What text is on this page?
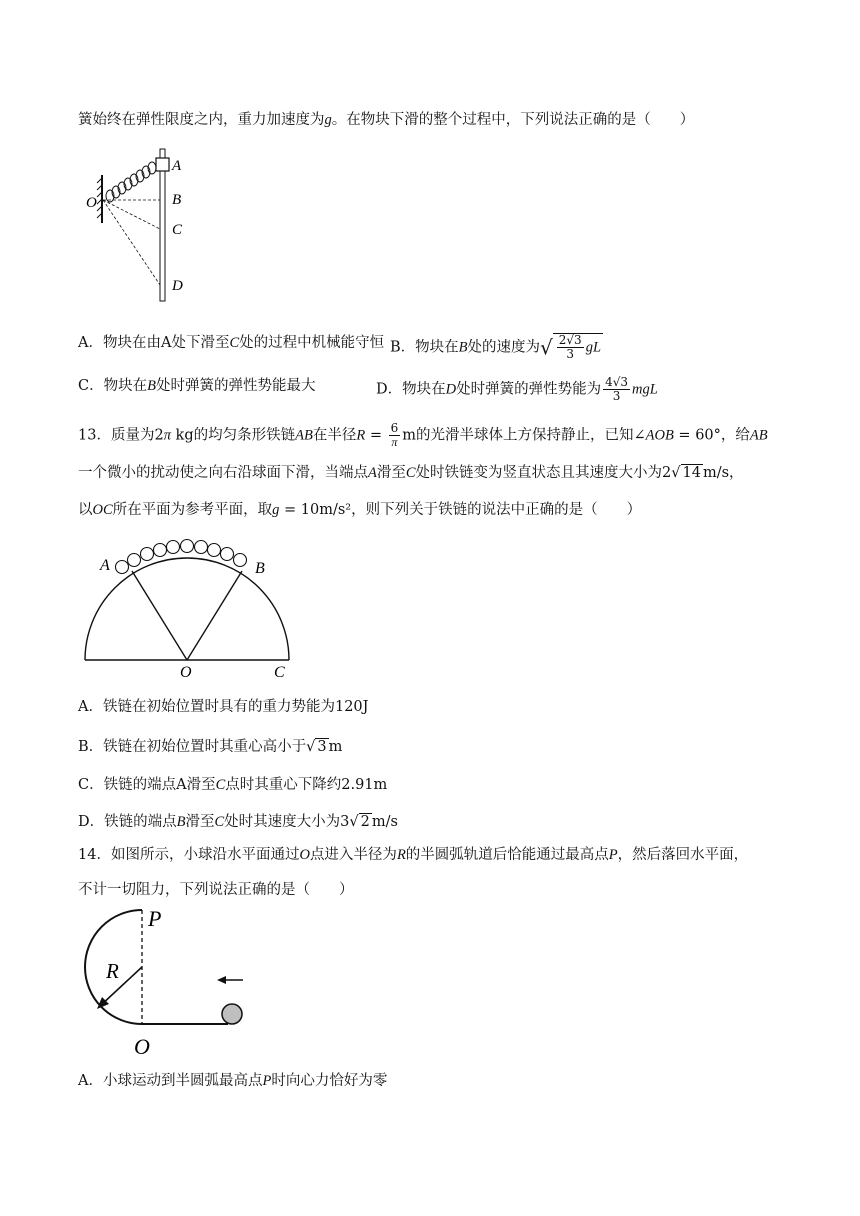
簧始终在弹性限度之内，重力加速度为g。在物块下滑的整个过程中，下列说法正确的是（　　）
O
A
B
C
D
A．物块在由A处下滑至C处的过程中机械能守恒 B．物块在B处的速度为√ $\frac{2√3}{3}$ gL
C．物块在B处时弹簧的弹性势能最大	D．物块在D处时弹簧的弹性势能为 $\frac{4√3}{3}$ mgL
13．质量为2π kg的均匀条形铁链AB在半径$R = \frac{6}{\pi}$ m的光滑半球体上方保持静止，已知∠AOB = 60°，给AB
一个微小的扰动使之向右沿球面下滑，当端点A滑至C处时铁链变为竖直状态且其速度大小为2√ 14 m/s，
以OC所在平面为参考平面，取g = 10m/s²，则下列关于铁链的说法中正确的是（　　）
A	B
O	C
A．铁链在初始位置时具有的重力势能为120J
B．铁链在初始位置时其重心高小于√ 3 m
C．铁链的端点A滑至C点时其重心下降约2.91m
D．铁链的端点B滑至C处时其速度大小为3√ 2 m/s
14．如图所示，小球沿水平面通过O点进入半径为R的半圆弧轨道后恰能通过最高点P，然后落回水平面，
不计一切阻力，下列说法正确的是（　　）
P
R
O
A．小球运动到半圆弧最高点P时向心力恰好为零
